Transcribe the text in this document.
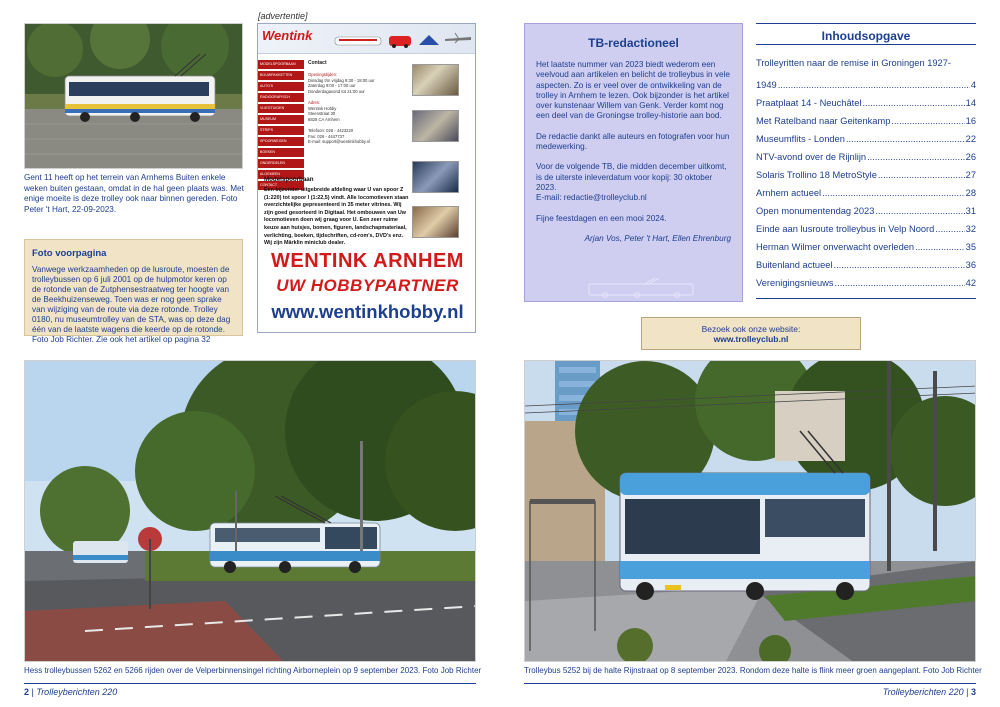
Gent 11 heeft op het terrein van Arnhems Buiten enkele weken buiten gestaan, omdat in de hal geen plaats was. Met enige moeite is deze trolley ook naar binnen gereden. Foto Peter 't Hart, 22-09-2023.
Foto voorpagina

Vanwege werkzaamheden op de lusroute, moesten de trolleybussen op 6 juli 2001 op de hulpmotor keren op de rotonde van de Zutphensestraatweg ter hoogte van de Beekhuizenseweg. Toen was er nog geen sprake van wijziging van de route via deze rotonde. Trolley 0180, nu museumtrolley van de STA, was op deze dag één van de laatste wagens die keerde op de rotonde. Foto Job Richter. Zie ook het artikel op pagina 32

[advertentie]
Wentink
MODELSPOORBAAN
BOUWPAKKETTEN
AUTO'S
RADIOGRAFISCH
VLIEGTUIGEN
MUSEUM
STRIPS
SPOORWEGEN
BOEKEN
ONDERDELEN
ALGEMEEN
CONTACT
Contact

Openingstijden:
Dinsdag t/m vrijdag 9:30 - 18:00 uur
Zaterdag 9:00 - 17:00 uur
Donderdagavond tot 21:00 uur

Adres:
Wentink Hobby
Steenstraat 30
6828 CA Arnhem

Telefoon: 026 - 4423220
Fax: 026 - 4447737
E-mail: support@wentinkhobby.nl
Modelspoorbaan
Een bijzonder uitgebreide afdeling waar U van spoor Z (1:220) tot spoor I (1:22,5) vindt. Alle locomotieven staan overzichtelijke gepresenteerd in 35 meter vitrines. Wij zijn goed gesorteerd in Digitaal. Het ombouwen van Uw locomotieven doen wij graag voor U. Een zeer ruime keuze aan huisjes, bomen, figuren, landschapmateriaal, verlichting, boeken, tijdschriften, cd-rom's, DVD's enz. Wij zijn Märklin miniclub dealer.
WENTINK ARNHEM
UW HOBBYPARTNER
www.wentinkhobby.nl
Hess trolleybussen 5262 en 5266 rijden over de Velperbinnensingel richting Airborneplein op 9 september 2023. Foto Job Richter
2 | Trolleyberichten 220
TB-redactioneel

Het laatste nummer van 2023 biedt wederom een veelvoud aan artikelen en belicht de trolleybus in vele aspecten. Zo is er veel over de ontwikkeling van de trolley in Arnhem te lezen. Ook bijzonder is het artikel over kunstenaar Willem van Genk. Verder komt nog een deel van de Groningse trolley-historie aan bod.

De redactie dankt alle auteurs en fotografen voor hun medewerking.

Voor de volgende TB, die midden december uitkomt, is de uiterste inleverdatum voor kopij: 30 oktober 2023.

E-mail: redactie@trolleyclub.nl

Fijne feestdagen en een mooi 2024.

Arjan Vos, Peter 't Hart, Ellen Ehrenburg
Inhoudsopgave
Trolleyritten naar de remise in Groningen 1927-
1949 .....	4
Praatplaat 14 - Neuchâtel .....	14
Met Ratelband naar Geitenkamp .....	16
Museumflits - Londen .....	22
NTV-avond over de Rijnlijn .....	26
Solaris Trollino 18 MetroStyle .....	27
Arnhem actueel .....	28
Open monumentendag 2023 .....	31
Einde aan lusroute trolleybus in Velp Noord .....	32
Herman Wilmer onverwacht overleden .....	35
Buitenland actueel .....	36
Verenigingsnieuws .....	42
Bezoek ook onze website:
www.trolleyclub.nl
Trolleybus 5252 bij de halte Rijnstraat op 8 september 2023. Rondom deze halte is flink meer groen aangeplant. Foto Job Richter
Trolleyberichten 220 | 3
